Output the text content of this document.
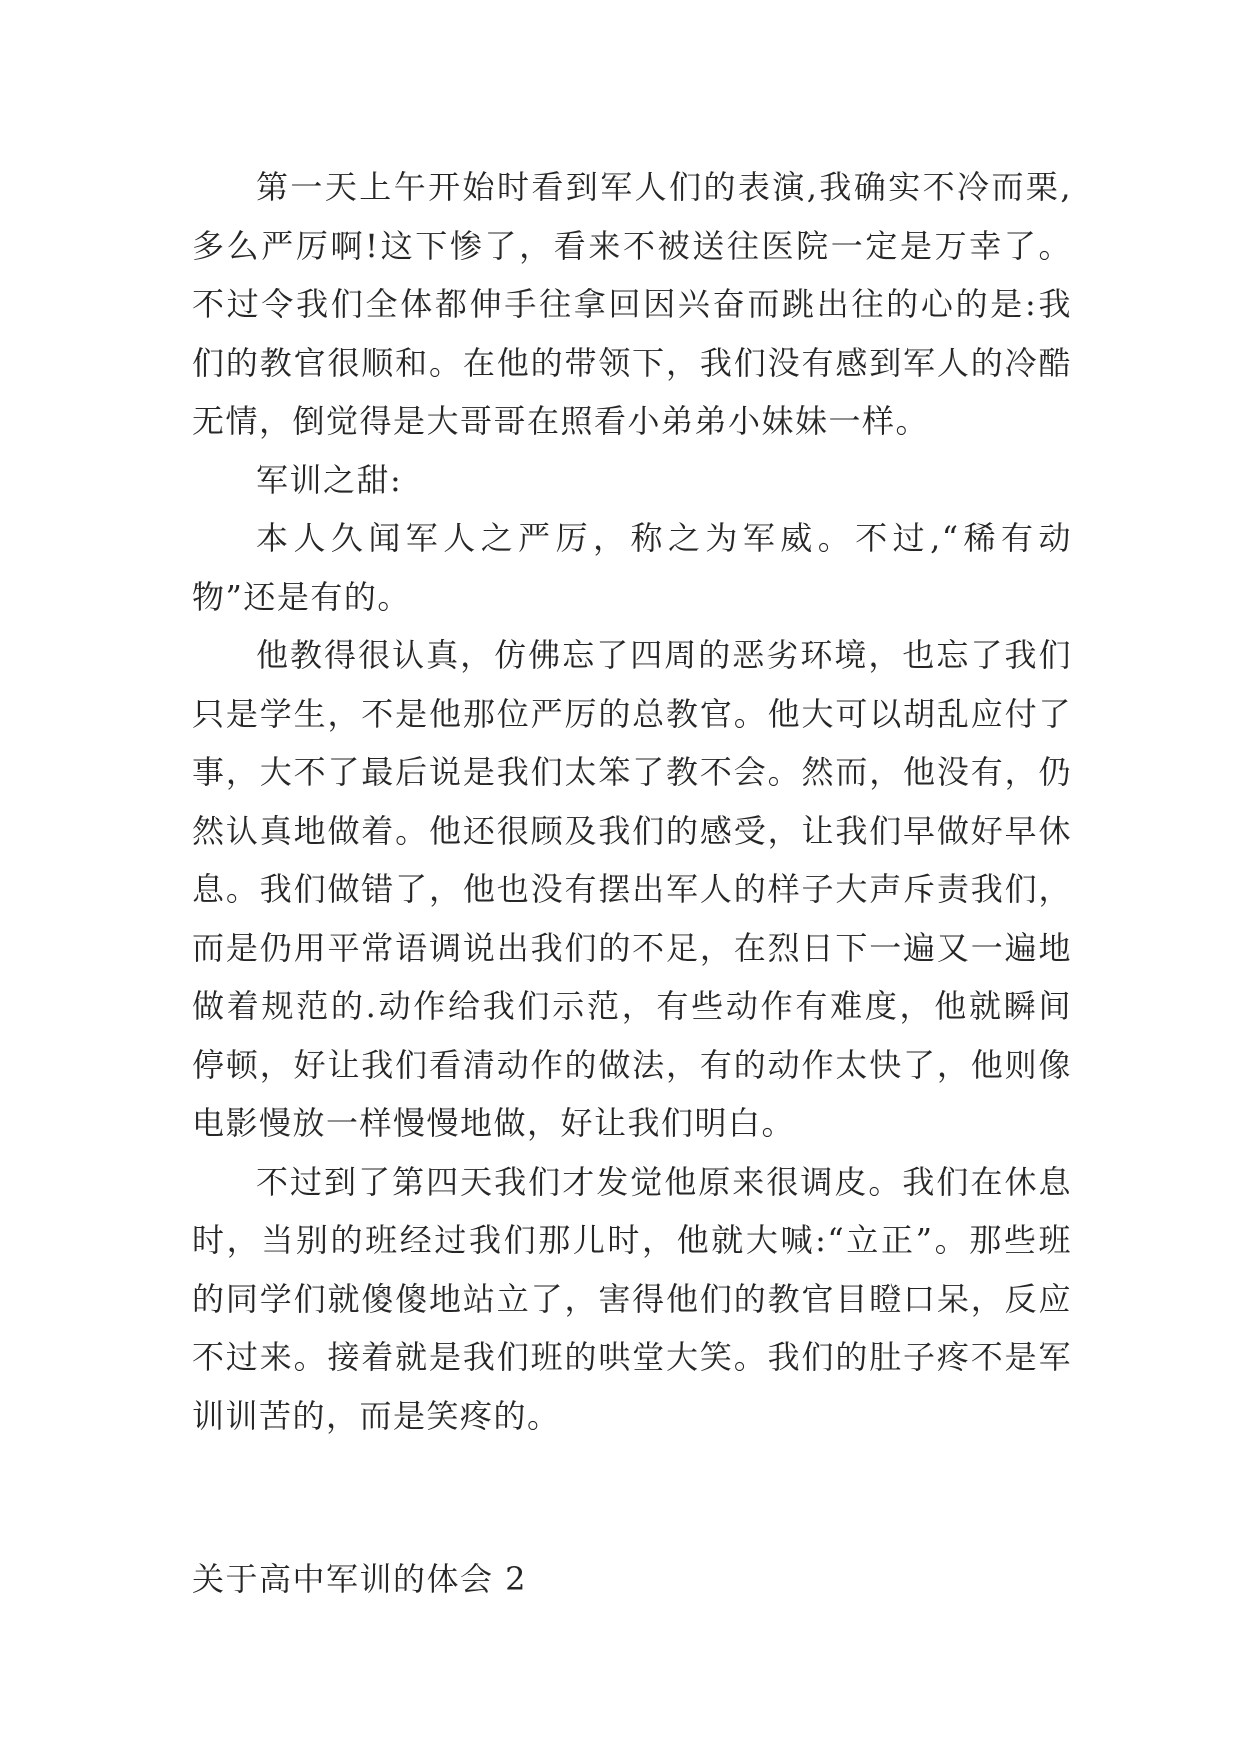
第一天上午开始时看到军人们的表演,我确实不冷而栗,多么严厉啊!这下惨了，看来不被送往医院一定是万幸了。不过令我们全体都伸手往拿回因兴奋而跳出往的心的是:我们的教官很顺和。在他的带领下，我们没有感到军人的冷酷无情，倒觉得是大哥哥在照看小弟弟小妹妹一样。

军训之甜:

本人久闻军人之严厉，称之为军威。不过,“稀有动物”还是有的。

他教得很认真，仿佛忘了四周的恶劣环境，也忘了我们只是学生，不是他那位严厉的总教官。他大可以胡乱应付了事，大不了最后说是我们太笨了教不会。然而，他没有，仍然认真地做着。他还很顾及我们的感受，让我们早做好早休息。我们做错了，他也没有摆出军人的样子大声斥责我们，而是仍用平常语调说出我们的不足，在烈日下一遍又一遍地做着规范的.动作给我们示范，有些动作有难度，他就瞬间停顿，好让我们看清动作的做法，有的动作太快了，他则像电影慢放一样慢慢地做，好让我们明白。

不过到了第四天我们才发觉他原来很调皮。我们在休息时，当别的班经过我们那儿时，他就大喊:“立正”。那些班的同学们就傻傻地站立了，害得他们的教官目瞪口呆，反应不过来。接着就是我们班的哄堂大笑。我们的肚子疼不是军训训苦的，而是笑疼的。

关于高中军训的体会 2
